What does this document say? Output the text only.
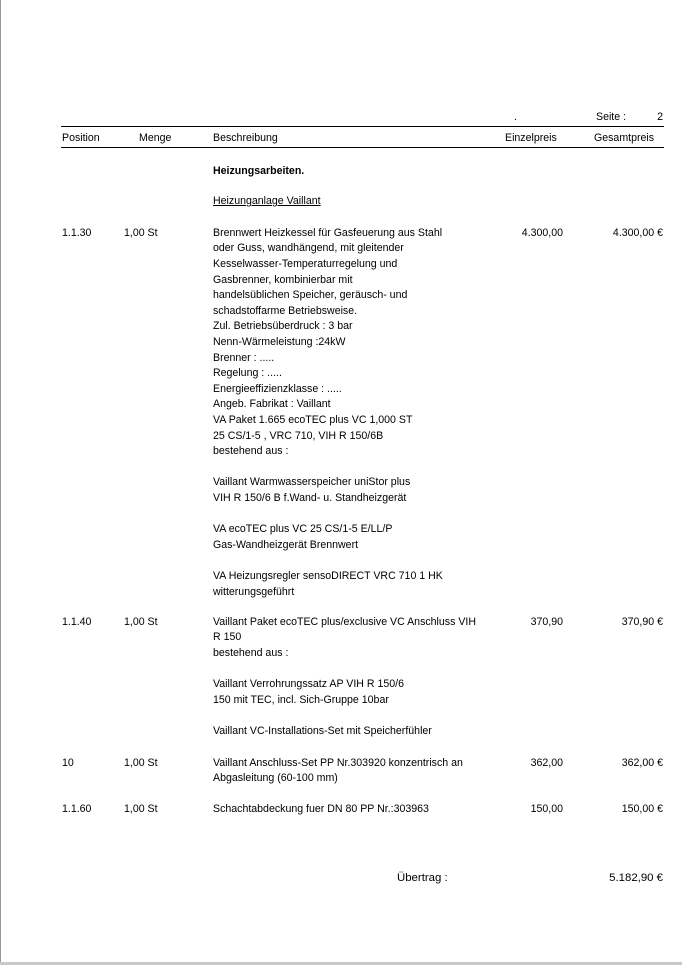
.	Seite :	2
Position	Menge	Beschreibung	Einzelpreis	Gesamtpreis
Heizungsarbeiten.
Heizunganlage Vaillant
1.1.30	1,00 St	4.300,00	4.300,00 €
Brennwert Heizkessel für Gasfeuerung aus Stahl
oder Guss, wandhängend, mit gleitender
Kesselwasser-Temperaturregelung und
Gasbrenner, kombinierbar mit
handelsüblichen Speicher, geräusch- und
schadstoffarme Betriebsweise.
Zul. Betriebsüberdruck : 3 bar
Nenn-Wärmeleistung :24kW
Brenner : .....
Regelung : .....
Energieeffizienzklasse : .....
Angeb. Fabrikat : Vaillant
VA Paket 1.665 ecoTEC plus VC 1,000 ST
25 CS/1-5 , VRC 710, VIH R 150/6B
bestehend aus :
Vaillant Warmwasserspeicher uniStor plus
VIH R 150/6 B f.Wand- u. Standheizgerät
VA ecoTEC plus VC 25 CS/1-5 E/LL/P
Gas-Wandheizgerät Brennwert
VA Heizungsregler sensoDIRECT VRC 710 1 HK
witterungsgeführt
1.1.40	1,00 St	370,90	370,90 €
Vaillant Paket ecoTEC plus/exclusive VC Anschluss VIH
R 150
bestehend aus :
Vaillant Verrohrungssatz AP VIH R 150/6
150 mit TEC, incl. Sich-Gruppe 10bar
Vaillant VC-Installations-Set mit Speicherfühler
10	1,00 St	362,00	362,00 €
Vaillant Anschluss-Set PP Nr.303920 konzentrisch an
Abgasleitung (60-100 mm)
1.1.60	1,00 St	150,00	150,00 €
Schachtabdeckung fuer DN 80 PP Nr.:303963
Übertrag :	5.182,90 €
